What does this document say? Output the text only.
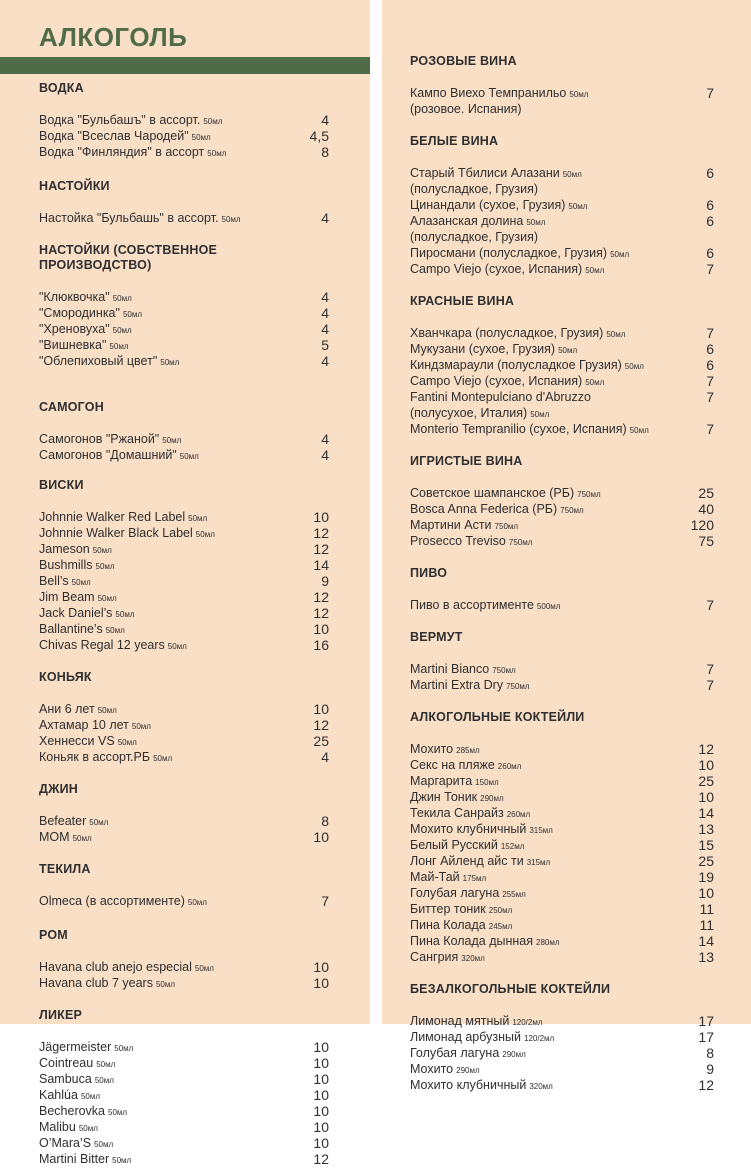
АЛКОГОЛЬ
ВОДКА
Водка "Бульбашъ" в ассорт. 50мл	4
Водка "Всеслав Чародей" 50мл	4,5
Водка "Финляндия" в ассорт 50мл	8
НАСТОЙКИ
Настойка "Бульбашь" в ассорт. 50мл	4
НАСТОЙКИ (СОБСТВЕННОЕ ПРОИЗВОДСТВО)
"Клюквочка" 50мл	4
"Смородинка" 50мл	4
"Хреновуха" 50мл	4
"Вишневка" 50мл	5
"Облепиховый цвет" 50мл	4
САМОГОН
Самогонов "Ржаной" 50мл	4
Самогонов "Домашний" 50мл	4
ВИСКИ
Johnnie Walker Red Label 50мл	10
Johnnie Walker Black Label 50мл	12
Jameson 50мл	12
Bushmills 50мл	14
Bell’s 50мл	9
Jim Beam 50мл	12
Jack Daniel’s 50мл	12
Ballantine’s 50мл	10
Chivas Regal 12 years 50мл	16
КОНЬЯК
Ани 6 лет 50мл	10
Ахтамар 10 лет 50мл	12
Хеннесси VS 50мл	25
Коньяк в ассорт.РБ 50мл	4
ДЖИН
Befeater 50мл	8
МОМ 50мл	10
ТЕКИЛА
Olmeca (в ассортименте) 50мл	7
РОМ
Havana club anejo especial 50мл	10
Havana club 7 years 50мл	10
ЛИКЕР
Jägermeister 50мл	10
Cointreau 50мл	10
Sambuca 50мл	10
Kahlúa 50мл	10
Becherovka 50мл	10
Malibu 50мл	10
O’Mara’S 50мл	10
Martini Bitter 50мл	12
РОЗОВЫЕ ВИНА
Кампо Виехо Темпранильо 50мл	7
(розовое. Испания)
БЕЛЫЕ ВИНА
Старый Тбилиси Алазани 50мл	6
(полусладкое, Грузия)
Цинандали (сухое, Грузия) 50мл	6
Алазанская долина 50мл	6
(полусладкое, Грузия)
Пиросмани (полусладкое, Грузия) 50мл	6
Campo Viejo (сухое, Испания) 50мл	7
КРАСНЫЕ ВИНА
Хванчкара (полусладкое, Грузия) 50мл	7
Мукузани (сухое, Грузия) 50мл	6
Киндзмараули (полусладкое Грузия) 50мл	6
Campo Viejo (сухое, Испания) 50мл	7
Fantini Montepulciano d'Abruzzo	7
(полусухое, Италия) 50мл
Monterio Tempranilio (сухое, Испания) 50мл	7
ИГРИСТЫЕ ВИНА
Советское шампанское (РБ) 750мл	25
Bosca Anna Federica (РБ) 750мл	40
Мартини Асти 750мл	120
Prosecco Treviso 750мл	75
ПИВО
Пиво в ассортименте 500мл	7
ВЕРМУТ
Martini Bianco 750мл	7
Martini Extra Dry 750мл	7
АЛКОГОЛЬНЫЕ КОКТЕЙЛИ
Мохито 285мл	12
Секс на пляже 260мл	10
Маргарита 150мл	25
Джин Тоник 290мл	10
Текила Санрайз 260мл	14
Мохито клубничный 315мл	13
Белый Русский 152мл	15
Лонг Айленд айс ти 315мл	25
Май-Тай 175мл	19
Голубая лагуна 255мл	10
Биттер тоник 250мл	11
Пина Колада 245мл	11
Пина Колада дынная 280мл	14
Сангрия 320мл	13
БЕЗАЛКОГОЛЬНЫЕ КОКТЕЙЛИ
Лимонад мятный 120/2мл	17
Лимонад арбузный 120/2мл	17
Голубая лагуна 290мл	8
Мохито 290мл	9
Мохито клубничный 320мл	12
